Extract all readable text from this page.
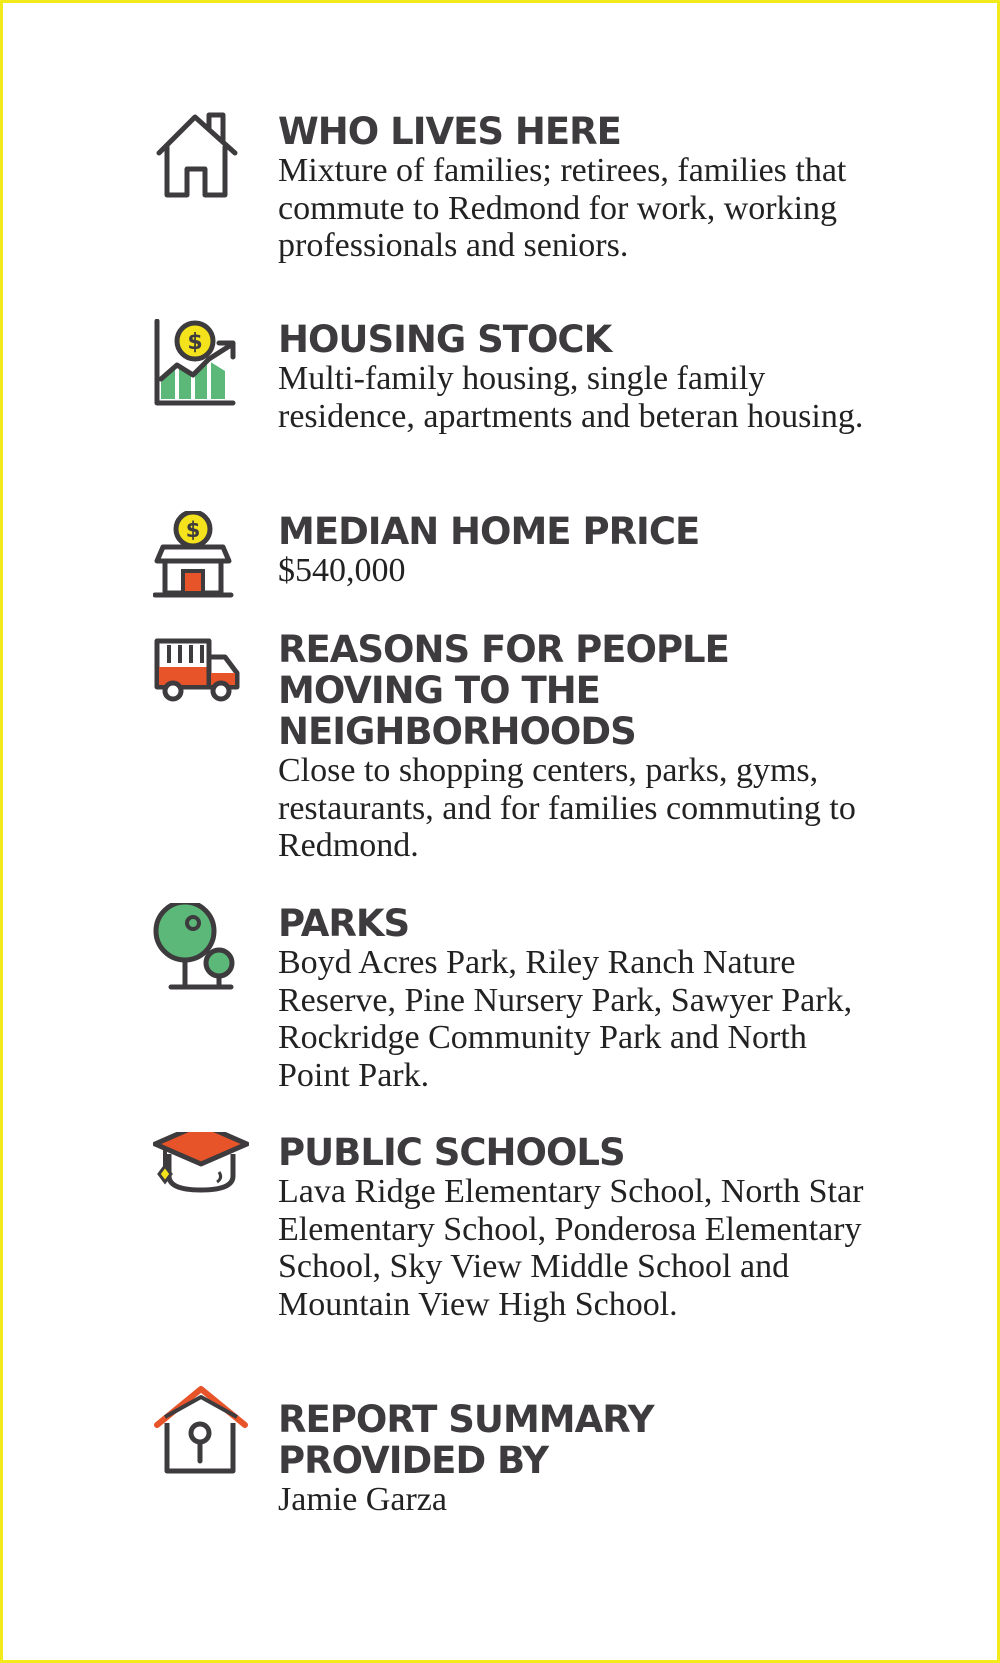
WHO LIVES HERE

Mixture of families; retirees, families that commute to Redmond for work, working professionals and seniors.

$ HOUSING STOCK

Multi-family housing, single family residence, apartments and beteran housing.

$ MEDIAN HOME PRICE

$540,000

REASONS FOR PEOPLE MOVING TO THE NEIGHBORHOODS

Close to shopping centers, parks, gyms, restaurants, and for families commuting to Redmond.

PARKS

Boyd Acres Park, Riley Ranch Nature Reserve, Pine Nursery Park, Sawyer Park, Rockridge Community Park and North Point Park.

PUBLIC SCHOOLS

Lava Ridge Elementary School, North Star Elementary School, Ponderosa Elementary School, Sky View Middle School and Mountain View High School.

REPORT SUMMARY PROVIDED BY

Jamie Garza
